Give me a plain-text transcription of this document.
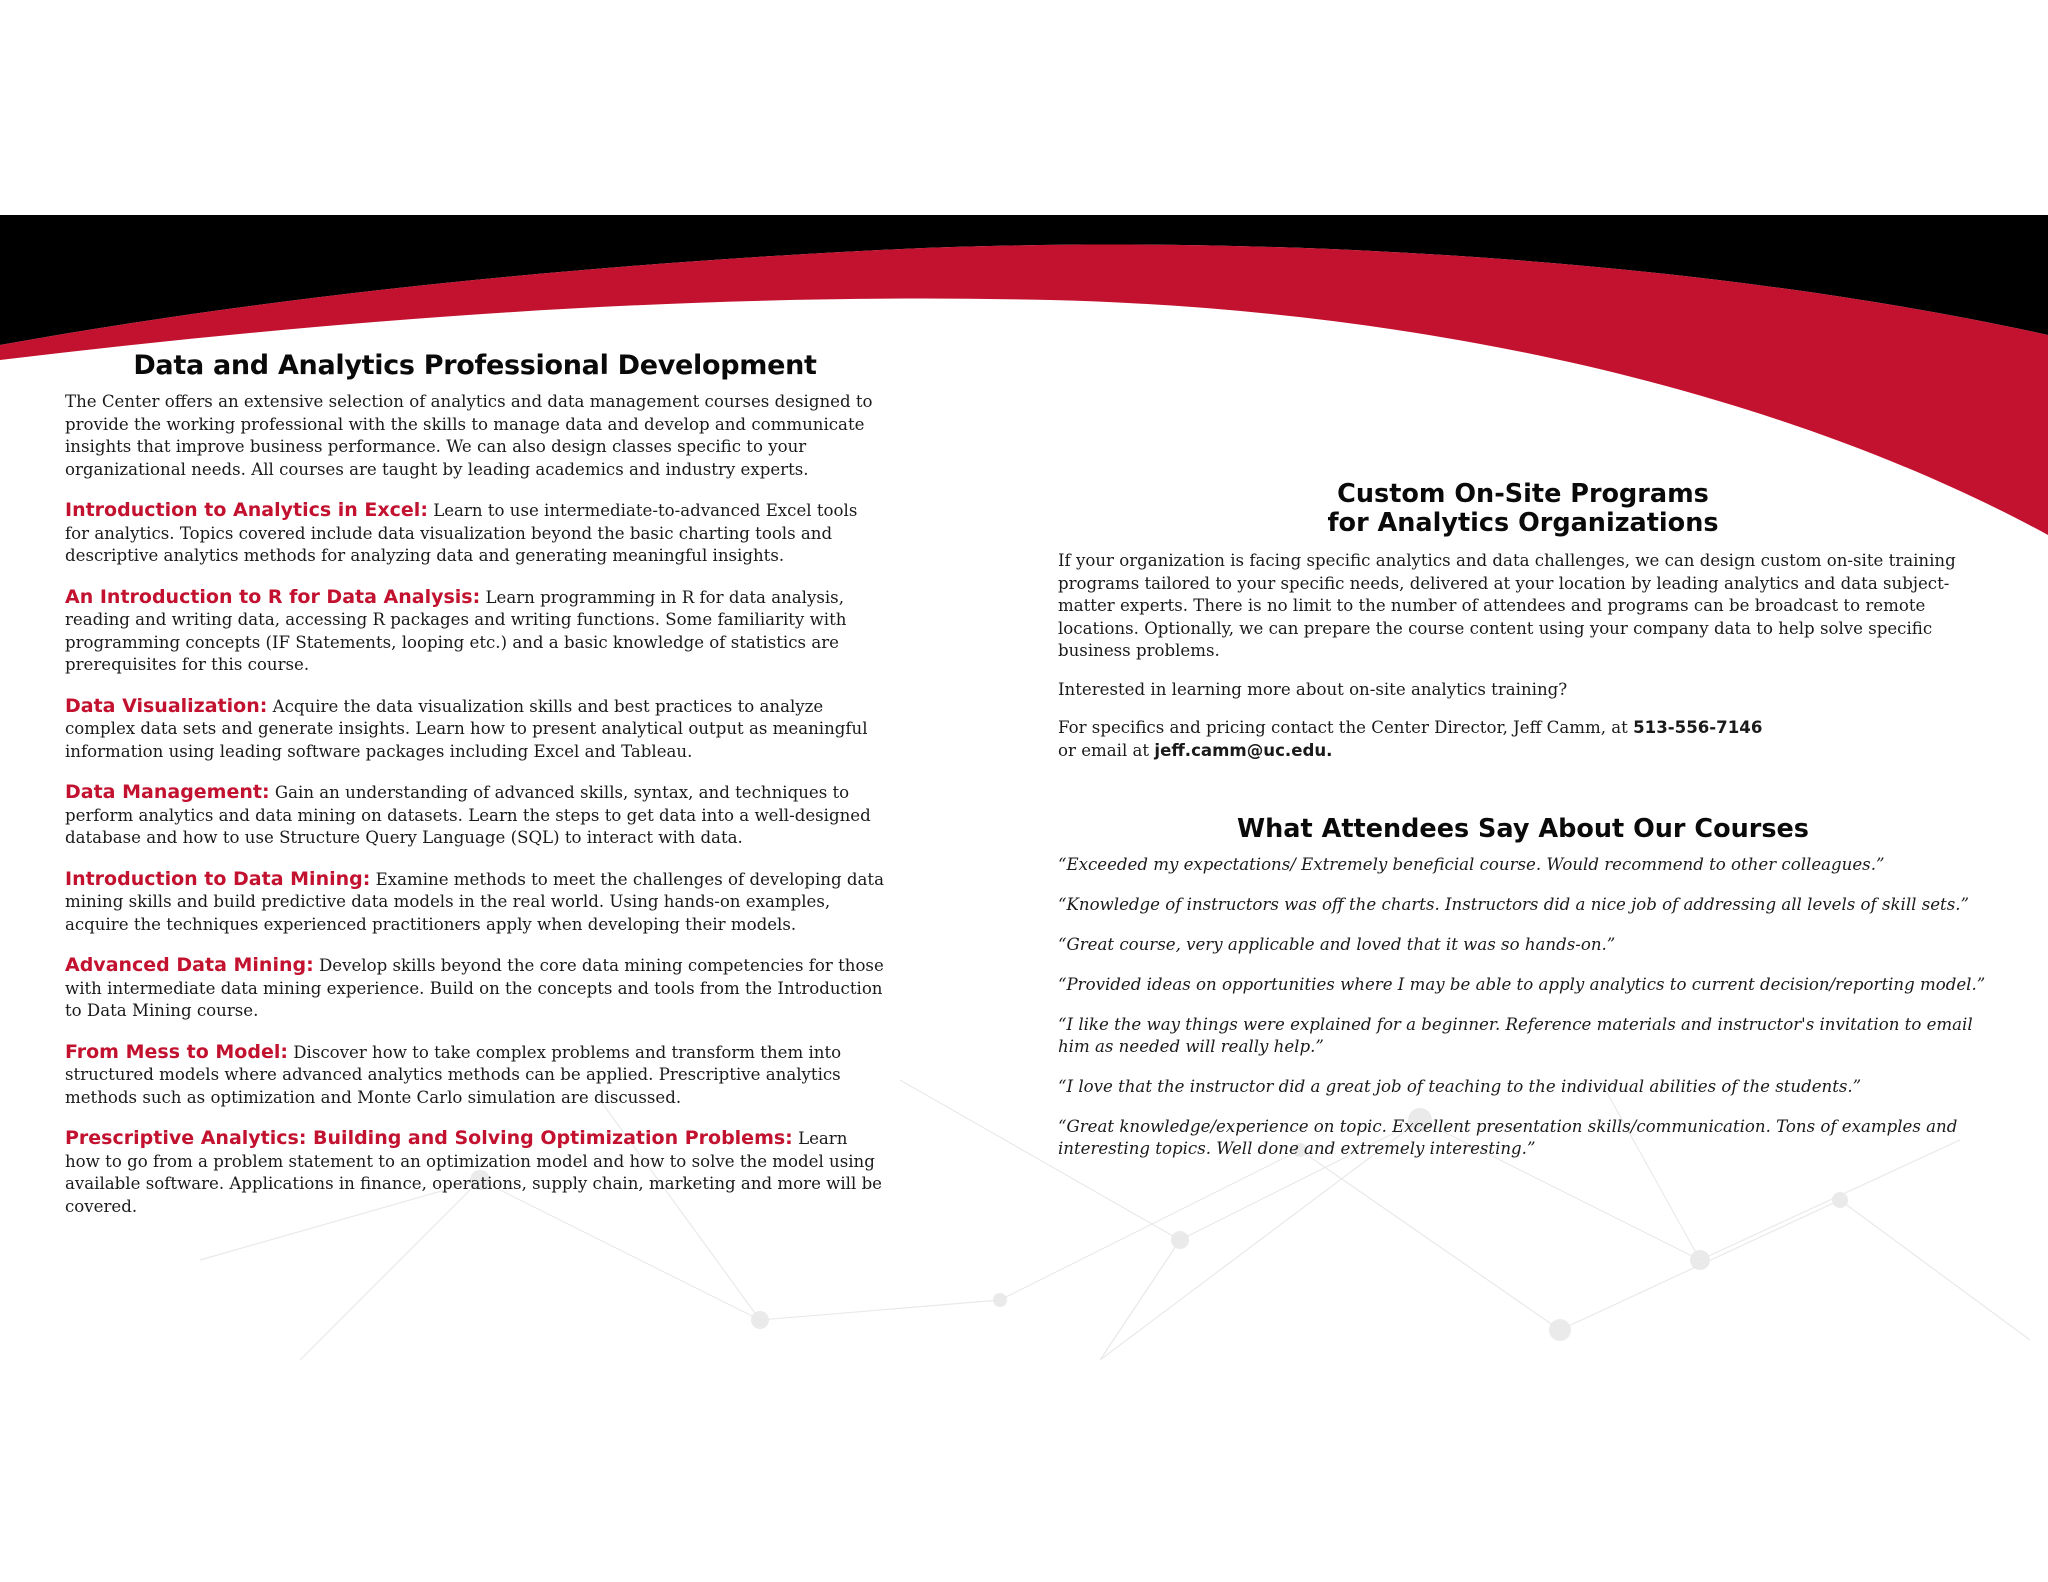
Data and Analytics Professional Development

The Center offers an extensive selection of analytics and data management courses designed to provide the working professional with the skills to manage data and develop and communicate insights that improve business performance. We can also design classes specific to your organizational needs. All courses are taught by leading academics and industry experts.

Introduction to Analytics in Excel: Learn to use intermediate-to-advanced Excel tools for analytics. Topics covered include data visualization beyond the basic charting tools and descriptive analytics methods for analyzing data and generating meaningful insights.
An Introduction to R for Data Analysis: Learn programming in R for data analysis, reading and writing data, accessing R packages and writing functions. Some familiarity with programming concepts (IF Statements, looping etc.) and a basic knowledge of statistics are prerequisites for this course.
Data Visualization: Acquire the data visualization skills and best practices to analyze complex data sets and generate insights. Learn how to present analytical output as meaningful information using leading software packages including Excel and Tableau.
Data Management: Gain an understanding of advanced skills, syntax, and techniques to perform analytics and data mining on datasets. Learn the steps to get data into a well-designed database and how to use Structure Query Language (SQL) to interact with data.
Introduction to Data Mining: Examine methods to meet the challenges of developing data mining skills and build predictive data models in the real world. Using hands-on examples, acquire the techniques experienced practitioners apply when developing their models.
Advanced Data Mining: Develop skills beyond the core data mining competencies for those with intermediate data mining experience. Build on the concepts and tools from the Introduction to Data Mining course.
From Mess to Model: Discover how to take complex problems and transform them into structured models where advanced analytics methods can be applied. Prescriptive analytics methods such as optimization and Monte Carlo simulation are discussed.
Prescriptive Analytics: Building and Solving Optimization Problems: Learn how to go from a problem statement to an optimization model and how to solve the model using available software. Applications in finance, operations, supply chain, marketing and more will be covered.
Custom On-Site Programs
for Analytics Organizations

If your organization is facing specific analytics and data challenges, we can design custom on-site training programs tailored to your specific needs, delivered at your location by leading analytics and data subject-matter experts. There is no limit to the number of attendees and programs can be broadcast to remote locations. Optionally, we can prepare the course content using your company data to help solve specific business problems.

Interested in learning more about on-site analytics training?

For specifics and pricing contact the Center Director, Jeff Camm, at 513-556-7146
or email at jeff.camm@uc.edu.

What Attendees Say About Our Courses

“Exceeded my expectations/ Extremely beneficial course. Would recommend to other colleagues.”

“Knowledge of instructors was off the charts. Instructors did a nice job of addressing all levels of skill sets.”

“Great course, very applicable and loved that it was so hands-on.”

“Provided ideas on opportunities where I may be able to apply analytics to current decision/reporting model.”

“I like the way things were explained for a beginner. Reference materials and instructor's invitation to email him as needed will really help.”

“I love that the instructor did a great job of teaching to the individual abilities of the students.”

“Great knowledge/experience on topic. Excellent presentation skills/communication. Tons of examples and interesting topics. Well done and extremely interesting.”
